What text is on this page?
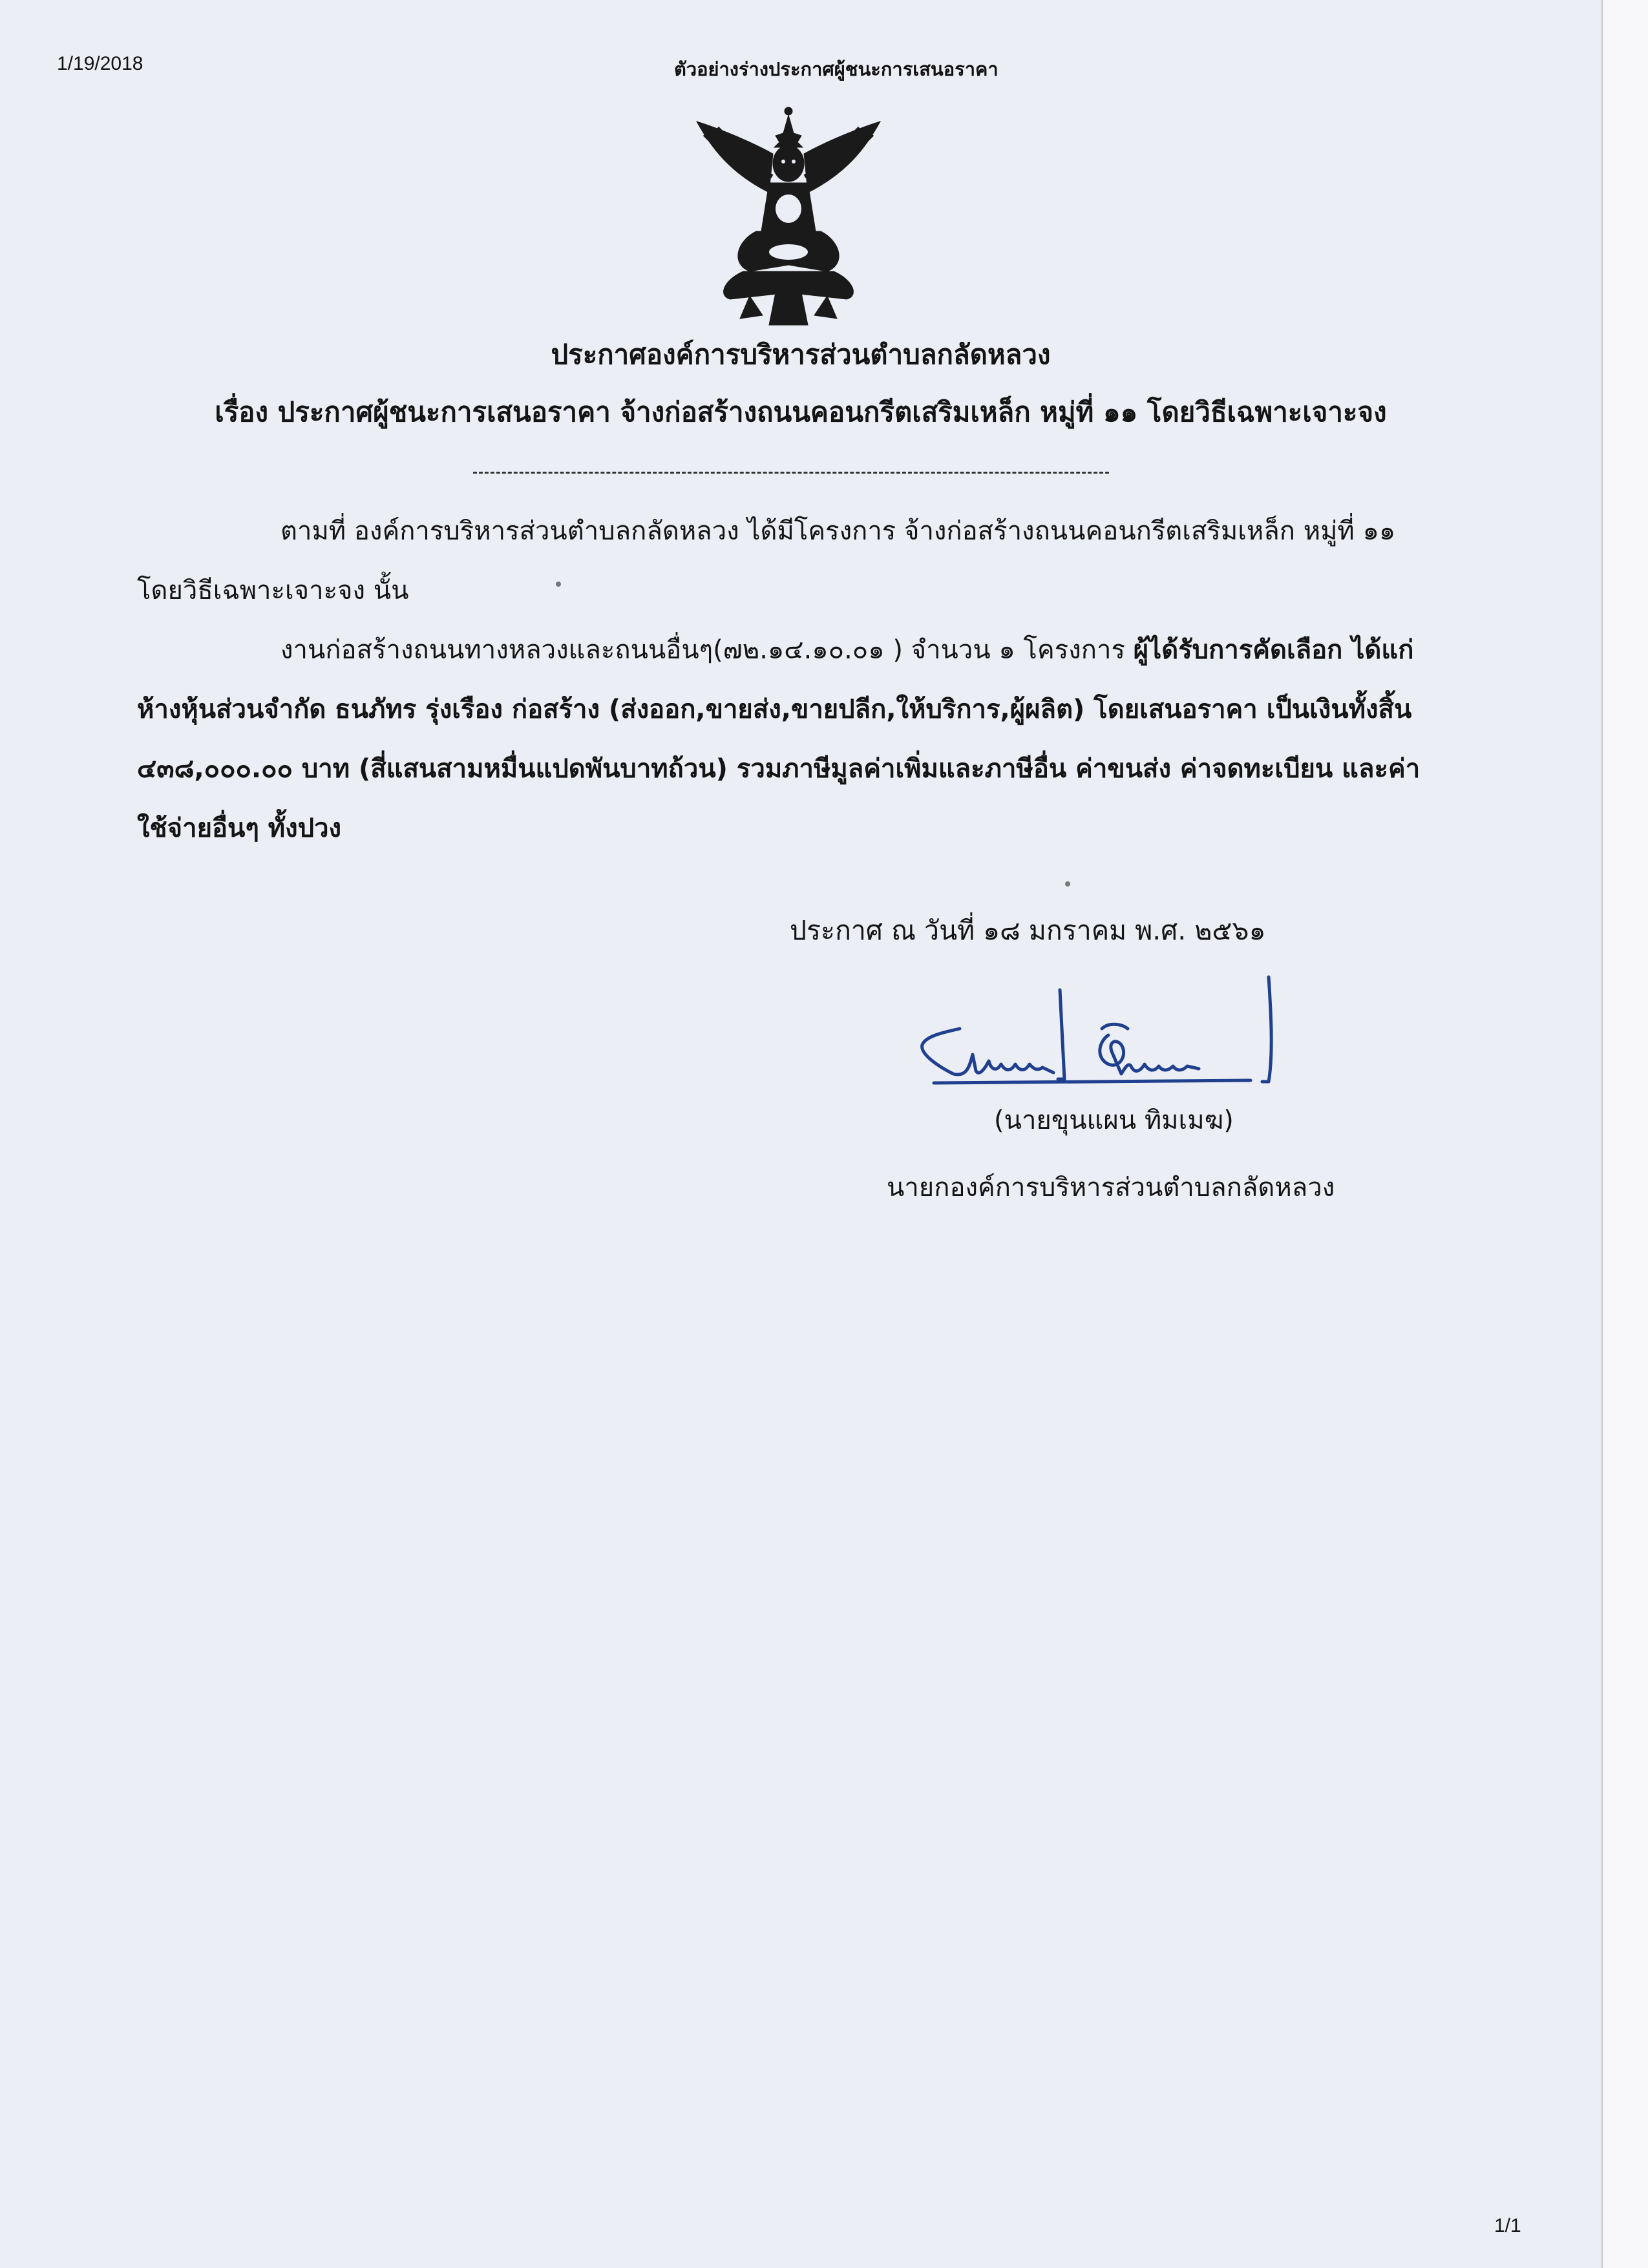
1/19/2018	ตัวอย่างร่างประกาศผู้ชนะการเสนอราคา
ประกาศองค์การบริหารส่วนตำบลกลัดหลวง
เรื่อง ประกาศผู้ชนะการเสนอราคา จ้างก่อสร้างถนนคอนกรีตเสริมเหล็ก หมู่ที่ ๑๑ โดยวิธีเฉพาะเจาะจง
ตามที่ องค์การบริหารส่วนตำบลกลัดหลวง ได้มีโครงการ จ้างก่อสร้างถนนคอนกรีตเสริมเหล็ก หมู่ที่ ๑๑ โดยวิธีเฉพาะเจาะจง นั้น
งานก่อสร้างถนนทางหลวงและถนนอื่นๆ(๗๒.๑๔.๑๐.๐๑ ) จำนวน ๑ โครงการ ผู้ได้รับการคัดเลือก ได้แก่ ห้างหุ้นส่วนจำกัด ธนภัทร รุ่งเรือง ก่อสร้าง (ส่งออก,ขายส่ง,ขายปลีก,ให้บริการ,ผู้ผลิต) โดยเสนอราคา เป็นเงินทั้งสิ้น ๔๓๘,๐๐๐.๐๐ บาท (สี่แสนสามหมื่นแปดพันบาทถ้วน) รวมภาษีมูลค่าเพิ่มและภาษีอื่น ค่าขนส่ง ค่าจดทะเบียน และค่าใช้จ่ายอื่นๆ ทั้งปวง
ประกาศ ณ วันที่ ๑๘ มกราคม พ.ศ. ๒๕๖๑
(นายขุนแผน ทิมเมฆ)
นายกองค์การบริหารส่วนตำบลกลัดหลวง
1/1
